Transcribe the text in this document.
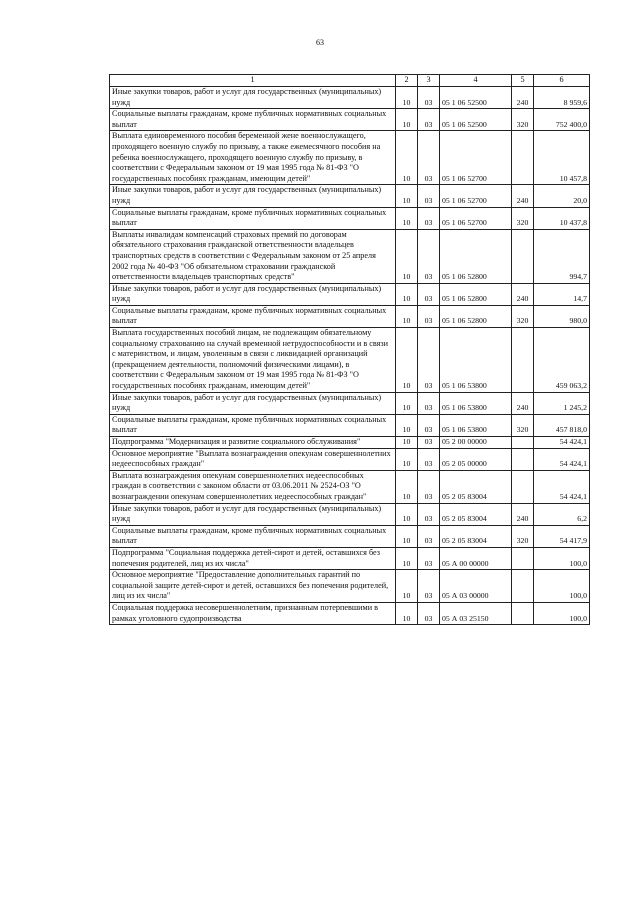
63
1	2	3	4	5	6
Иные закупки товаров, работ и услуг для государственных (муниципальных) нужд	10	03	05 1 06 52500	240	8 959,6
Социальные выплаты гражданам, кроме публичных нормативных социальных выплат	10	03	05 1 06 52500	320	752 400,0
Выплата единовременного пособия беременной жене военнослужащего, проходящего военную службу по призыву, а также ежемесячного пособия на ребенка военнослужащего, проходящего военную службу по призыву, в соответствии с Федеральным законом от 19 мая 1995 года № 81-ФЗ "О государственных пособиях гражданам, имеющим детей"	10	03	05 1 06 52700		10 457,8
Иные закупки товаров, работ и услуг для государственных (муниципальных) нужд	10	03	05 1 06 52700	240	20,0
Социальные выплаты гражданам, кроме публичных нормативных социальных выплат	10	03	05 1 06 52700	320	10 437,8
Выплаты инвалидам компенсаций страховых премий по договорам обязательного страхования гражданской ответственности владельцев транспортных средств в соответствии с Федеральным законом от 25 апреля 2002 года № 40-ФЗ "Об обязательном страховании гражданской ответственности владельцев транспортных средств"	10	03	05 1 06 52800		994,7
Иные закупки товаров, работ и услуг для государственных (муниципальных) нужд	10	03	05 1 06 52800	240	14,7
Социальные выплаты гражданам, кроме публичных нормативных социальных выплат	10	03	05 1 06 52800	320	980,0
Выплата государственных пособий лицам, не подлежащим обязательному социальному страхованию на случай временной нетрудоспособности и в связи с материнством, и лицам, уволенным в связи с ликвидацией организаций (прекращением деятельности, полномочий физическими лицами), в соответствии с Федеральным законом от 19 мая 1995 года № 81-ФЗ "О государственных пособиях гражданам, имеющим детей"	10	03	05 1 06 53800		459 063,2
Иные закупки товаров, работ и услуг для государственных (муниципальных) нужд	10	03	05 1 06 53800	240	1 245,2
Социальные выплаты гражданам, кроме публичных нормативных социальных выплат	10	03	05 1 06 53800	320	457 818,0
Подпрограмма "Модернизация и развитие социального обслуживания"	10	03	05 2 00 00000		54 424,1
Основное мероприятие "Выплата вознаграждения опекунам совершеннолетних недееспособных граждан"	10	03	05 2 05 00000		54 424,1
Выплата вознаграждения опекунам совершеннолетних недееспособных граждан в соответствии с законом области от 03.06.2011 № 2524-ОЗ "О вознаграждении опекунам совершеннолетних недееспособных граждан"	10	03	05 2 05 83004		54 424,1
Иные закупки товаров, работ и услуг для государственных (муниципальных) нужд	10	03	05 2 05 83004	240	6,2
Социальные выплаты гражданам, кроме публичных нормативных социальных выплат	10	03	05 2 05 83004	320	54 417,9
Подпрограмма "Социальная поддержка детей-сирот и детей, оставшихся без попечения родителей, лиц из их числа"	10	03	05 А 00 00000		100,0
Основное мероприятие "Предоставление дополнительных гарантий по социальной защите детей-сирот и детей, оставшихся без попечения родителей, лиц из их числа"	10	03	05 А 03 00000		100,0
Социальная поддержка несовершеннолетним, признанным потерпевшими в рамках уголовного судопроизводства	10	03	05 А 03 25150		100,0
